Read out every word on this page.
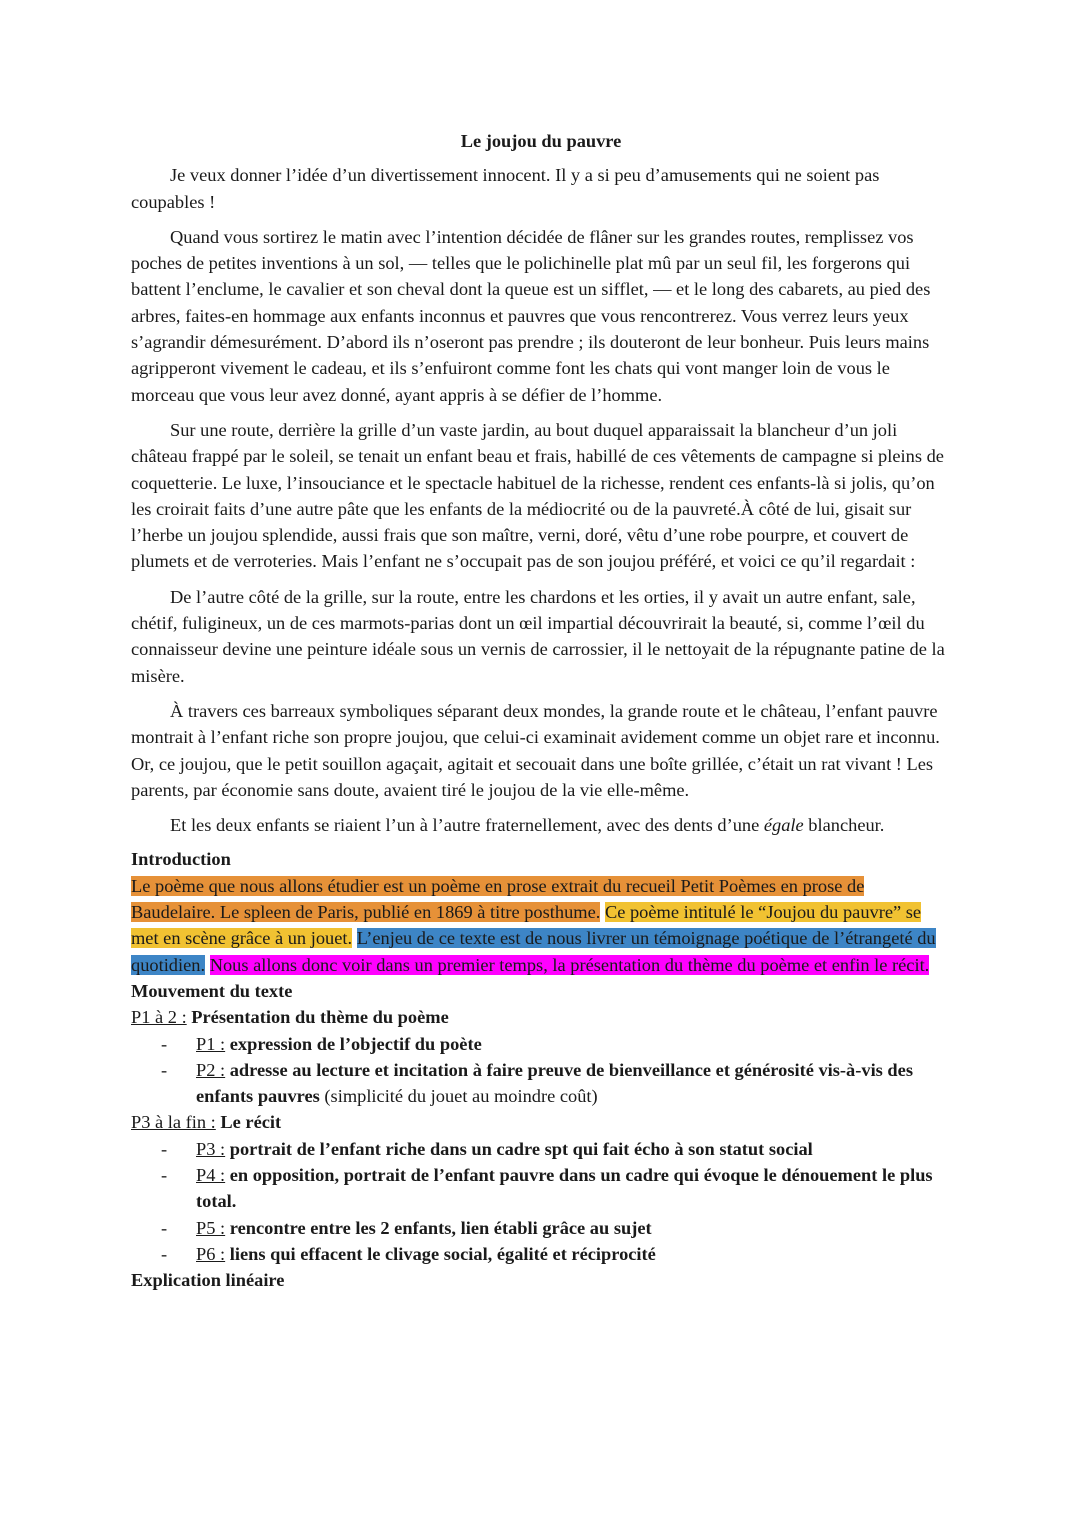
Le joujou du pauvre

Je veux donner l’idée d’un divertissement innocent. Il y a si peu d’amusements qui ne soient pas coupables !

Quand vous sortirez le matin avec l’intention décidée de flâner sur les grandes routes, remplissez vos poches de petites inventions à un sol, — telles que le polichinelle plat mû par un seul fil, les forgerons qui battent l’enclume, le cavalier et son cheval dont la queue est un sifflet, — et le long des cabarets, au pied des arbres, faites-en hommage aux enfants inconnus et pauvres que vous rencontrerez. Vous verrez leurs yeux s’agrandir démesurément. D’abord ils n’oseront pas prendre ; ils douteront de leur bonheur. Puis leurs mains agripperont vivement le cadeau, et ils s’enfuiront comme font les chats qui vont manger loin de vous le morceau que vous leur avez donné, ayant appris à se défier de l’homme.

Sur une route, derrière la grille d’un vaste jardin, au bout duquel apparaissait la blancheur d’un joli château frappé par le soleil, se tenait un enfant beau et frais, habillé de ces vêtements de campagne si pleins de coquetterie. Le luxe, l’insouciance et le spectacle habituel de la richesse, rendent ces enfants-là si jolis, qu’on les croirait faits d’une autre pâte que les enfants de la médiocrité ou de la pauvreté.À côté de lui, gisait sur l’herbe un joujou splendide, aussi frais que son maître, verni, doré, vêtu d’une robe pourpre, et couvert de plumets et de verroteries. Mais l’enfant ne s’occupait pas de son joujou préféré, et voici ce qu’il regardait :

De l’autre côté de la grille, sur la route, entre les chardons et les orties, il y avait un autre enfant, sale, chétif, fuligineux, un de ces marmots-parias dont un œil impartial découvrirait la beauté, si, comme l’œil du connaisseur devine une peinture idéale sous un vernis de carrossier, il le nettoyait de la répugnante patine de la misère.

À travers ces barreaux symboliques séparant deux mondes, la grande route et le château, l’enfant pauvre montrait à l’enfant riche son propre joujou, que celui-ci examinait avidement comme un objet rare et inconnu. Or, ce joujou, que le petit souillon agaçait, agitait et secouait dans une boîte grillée, c’était un rat vivant ! Les parents, par économie sans doute, avaient tiré le joujou de la vie elle-même.

Et les deux enfants se riaient l’un à l’autre fraternellement, avec des dents d’une égale blancheur.

Introduction

Le poème que nous allons étudier est un poème en prose extrait du recueil Petit Poèmes en prose de Baudelaire. Le spleen de Paris, publié en 1869 à titre posthume. Ce poème intitulé le “Joujou du pauvre” se met en scène grâce à un jouet. L’enjeu de ce texte est de nous livrer un témoignage poétique de l’étrangeté du quotidien. Nous allons donc voir dans un premier temps, la présentation du thème du poème et enfin le récit.

Mouvement du texte

P1 à 2 : Présentation du thème du poème

- P1 : expression de l’objectif du poète
- P2 : adresse au lecture et incitation à faire preuve de bienveillance et générosité vis-à-vis des enfants pauvres (simplicité du jouet au moindre coût)

P3 à la fin : Le récit

- P3 : portrait de l’enfant riche dans un cadre spt qui fait écho à son statut social
- P4 : en opposition, portrait de l’enfant pauvre dans un cadre qui évoque le dénouement le plus total.
- P5 : rencontre entre les 2 enfants, lien établi grâce au sujet
- P6 : liens qui effacent le clivage social, égalité et réciprocité

Explication linéaire
